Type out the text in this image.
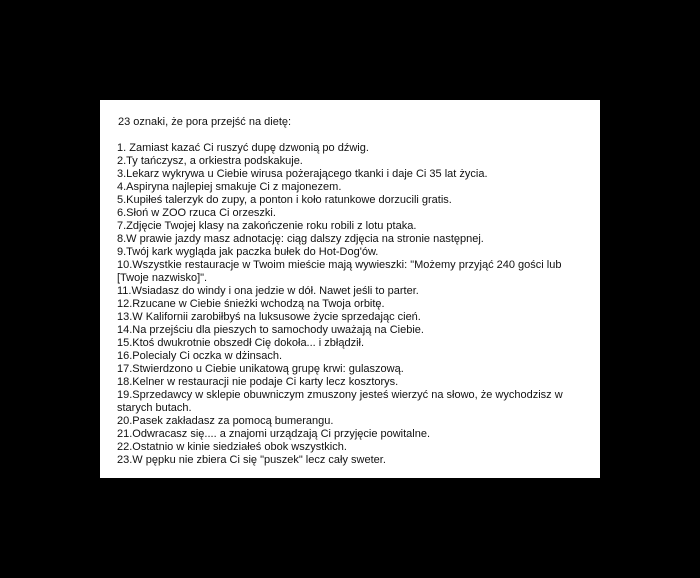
23 oznaki, że pora przejść na dietę:
1. Zamiast kazać Ci ruszyć dupę dzwonią po dźwig.
2.Ty tańczysz, a orkiestra podskakuje.
3.Lekarz wykrywa u Ciebie wirusa pożerającego tkanki i daje Ci 35 lat życia.
4.Aspiryna najlepiej smakuje Ci z majonezem.
5.Kupiłeś talerzyk do zupy, a ponton i koło ratunkowe dorzucili gratis.
6.Słoń w ZOO rzuca Ci orzeszki.
7.Zdjęcie Twojej klasy na zakończenie roku robili z lotu ptaka.
8.W prawie jazdy masz adnotację: ciąg dalszy zdjęcia na stronie następnej.
9.Twój kark wygląda jak paczka bułek do Hot-Dog'ów.
10.Wszystkie restauracje w Twoim mieście mają wywieszki: "Możemy przyjąć 240 gości lub [Twoje nazwisko]".
11.Wsiadasz do windy i ona jedzie w dół. Nawet jeśli to parter.
12.Rzucane w Ciebie śnieżki wchodzą na Twoja orbitę.
13.W Kalifornii zarobiłbyś na luksusowe życie sprzedając cień.
14.Na przejściu dla pieszych to samochody uważają na Ciebie.
15.Ktoś dwukrotnie obszedł Cię dokoła... i zbłądził.
16.Polecialy Ci oczka w dżinsach.
17.Stwierdzono u Ciebie unikatową grupę krwi: gulaszową.
18.Kelner w restauracji nie podaje Ci karty lecz kosztorys.
19.Sprzedawcy w sklepie obuwniczym zmuszony jesteś wierzyć na słowo, że wychodzisz w starych butach.
20.Pasek zakładasz za pomocą bumerangu.
21.Odwracasz się.... a znajomi urządzają Ci przyjęcie powitalne.
22.Ostatnio w kinie siedziałeś obok wszystkich.
23.W pępku nie zbiera Ci się "puszek" lecz cały sweter.
